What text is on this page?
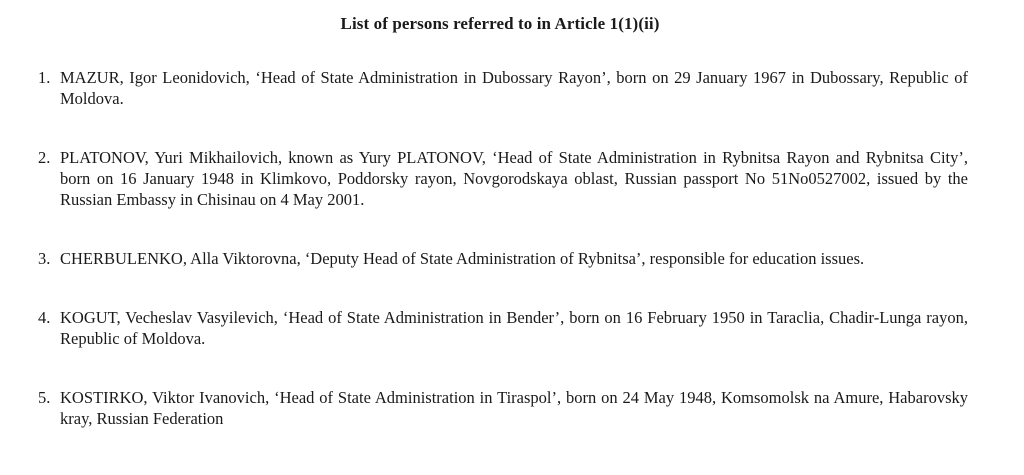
List of persons referred to in Article 1(1)(ii)
1. MAZUR, Igor Leonidovich, ‘Head of State Administration in Dubossary Rayon’, born on 29 January 1967 in Dubossary, Republic of Moldova.
2. PLATONOV, Yuri Mikhailovich, known as Yury PLATONOV, ‘Head of State Administration in Rybnitsa Rayon and Rybnitsa City’, born on 16 January 1948 in Klimkovo, Poddorsky rayon, Novgorodskaya oblast, Russian passport No 51No0527002, issued by the Russian Embassy in Chisinau on 4 May 2001.
3. CHERBULENKO, Alla Viktorovna, ‘Deputy Head of State Administration of Rybnitsa’, responsible for education issues.
4. KOGUT, Vecheslav Vasyilevich, ‘Head of State Administration in Bender’, born on 16 February 1950 in Taraclia, Chadir-Lunga rayon, Republic of Moldova.
5. KOSTIRKO, Viktor Ivanovich, ‘Head of State Administration in Tiraspol’, born on 24 May 1948, Komsomolsk na Amure, Habarovsky kray, Russian Federation
